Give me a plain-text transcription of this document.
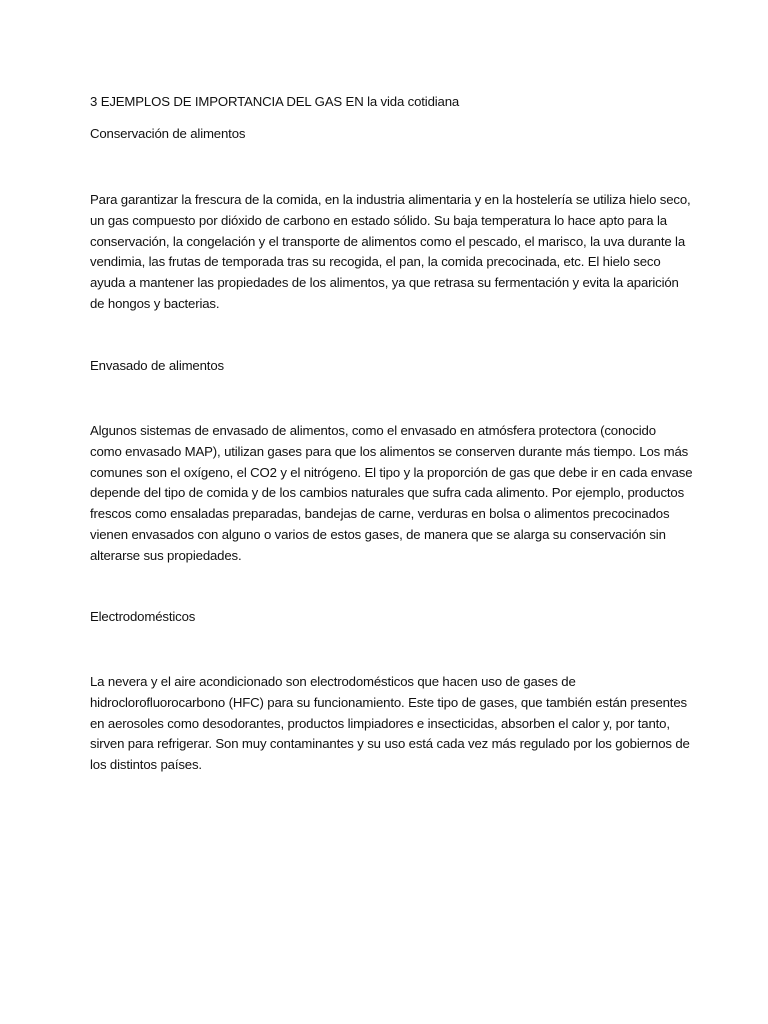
3 EJEMPLOS DE IMPORTANCIA DEL GAS EN la vida cotidiana

Conservación de alimentos

Para garantizar la frescura de la comida, en la industria alimentaria y en la hostelería se utiliza hielo seco,
un gas compuesto por dióxido de carbono en estado sólido. Su baja temperatura lo hace apto para la
conservación, la congelación y el transporte de alimentos como el pescado, el marisco, la uva durante la
vendimia, las frutas de temporada tras su recogida, el pan, la comida precocinada, etc. El hielo seco
ayuda a mantener las propiedades de los alimentos, ya que retrasa su fermentación y evita la aparición
de hongos y bacterias.

Envasado de alimentos

Algunos sistemas de envasado de alimentos, como el envasado en atmósfera protectora (conocido
como envasado MAP), utilizan gases para que los alimentos se conserven durante más tiempo. Los más
comunes son el oxígeno, el CO2 y el nitrógeno. El tipo y la proporción de gas que debe ir en cada envase
depende del tipo de comida y de los cambios naturales que sufra cada alimento. Por ejemplo, productos
frescos como ensaladas preparadas, bandejas de carne, verduras en bolsa o alimentos precocinados
vienen envasados con alguno o varios de estos gases, de manera que se alarga su conservación sin
alterarse sus propiedades.

Electrodomésticos

La nevera y el aire acondicionado son electrodomésticos que hacen uso de gases de
hidroclorofluorocarbono (HFC) para su funcionamiento. Este tipo de gases, que también están presentes
en aerosoles como desodorantes, productos limpiadores e insecticidas, absorben el calor y, por tanto,
sirven para refrigerar. Son muy contaminantes y su uso está cada vez más regulado por los gobiernos de
los distintos países.
